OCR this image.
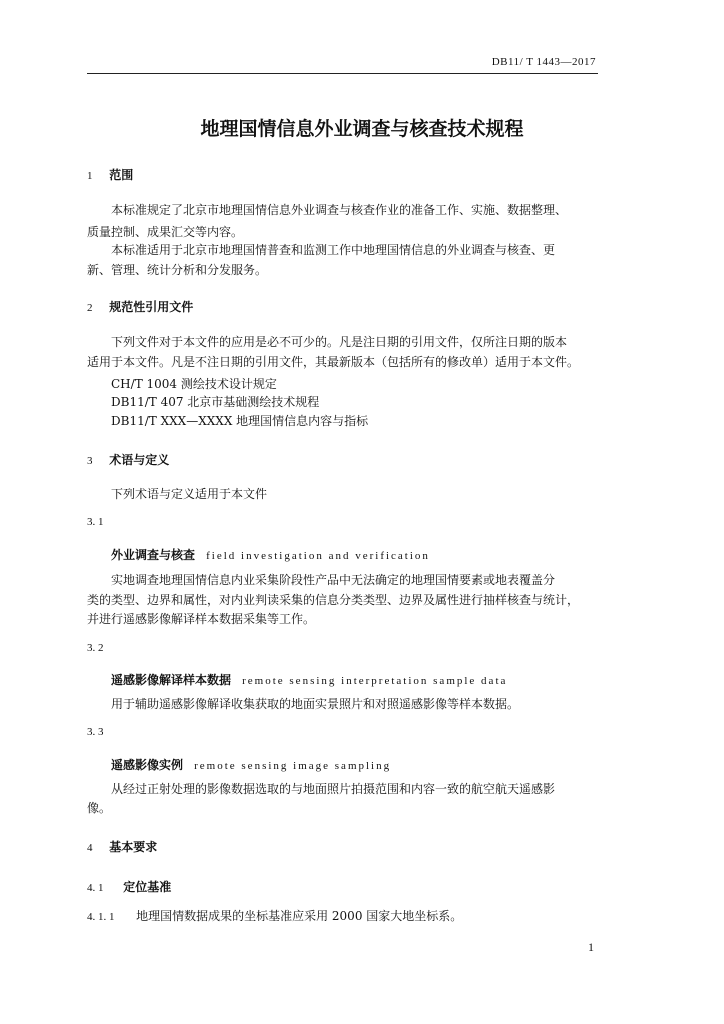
DB11/ T 1443—2017
地理国情信息外业调查与核查技术规程
1 范围
本标准规定了北京市地理国情信息外业调查与核查作业的准备工作、实施、数据整理、
质量控制、成果汇交等内容。
本标准适用于北京市地理国情普查和监测工作中地理国情信息的外业调查与核查、更
新、管理、统计分析和分发服务。
2 规范性引用文件
下列文件对于本文件的应用是必不可少的。凡是注日期的引用文件，仅所注日期的版本
适用于本文件。凡是不注日期的引用文件，其最新版本（包括所有的修改单）适用于本文件。
CH/T 1004 测绘技术设计规定
DB11/T 407 北京市基础测绘技术规程
DB11/T XXX—XXXX 地理国情信息内容与指标
3 术语与定义
下列术语与定义适用于本文件
3. 1
外业调查与核查 field investigation and verification
实地调查地理国情信息内业采集阶段性产品中无法确定的地理国情要素或地表覆盖分
类的类型、边界和属性，对内业判读采集的信息分类类型、边界及属性进行抽样核查与统计，
并进行遥感影像解译样本数据采集等工作。
3. 2
遥感影像解译样本数据 remote sensing interpretation sample data
用于辅助遥感影像解译收集获取的地面实景照片和对照遥感影像等样本数据。
3. 3
遥感影像实例 remote sensing image sampling
从经过正射处理的影像数据选取的与地面照片拍摄范围和内容一致的航空航天遥感影
像。
4 基本要求
4. 1 定位基准
4. 1. 1 地理国情数据成果的坐标基准应采用 2000 国家大地坐标系。
1
